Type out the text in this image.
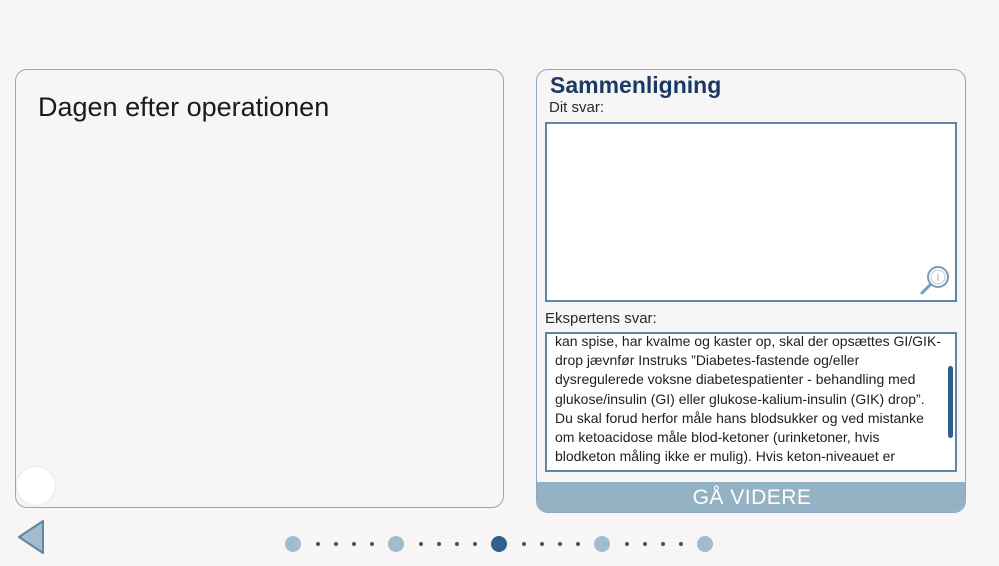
Dagen efter operationen
Sammenligning
Dit svar:
i
Ekspertens svar:
kan spise, har kvalme og kaster op, skal der opsættes GI/GIK-drop jævnfør Instruks ”Diabetes-fastende og/eller dysregulerede voksne diabetespatienter - behandling med glukose/insulin (GI) eller glukose-kalium-insulin (GIK) drop”. Du skal forud herfor måle hans blodsukker og ved mistanke om ketoacidose måle blod-ketoner (urinketoner, hvis blodketon måling ikke er mulig). Hvis keton-niveauet er
GÅ VIDERE
